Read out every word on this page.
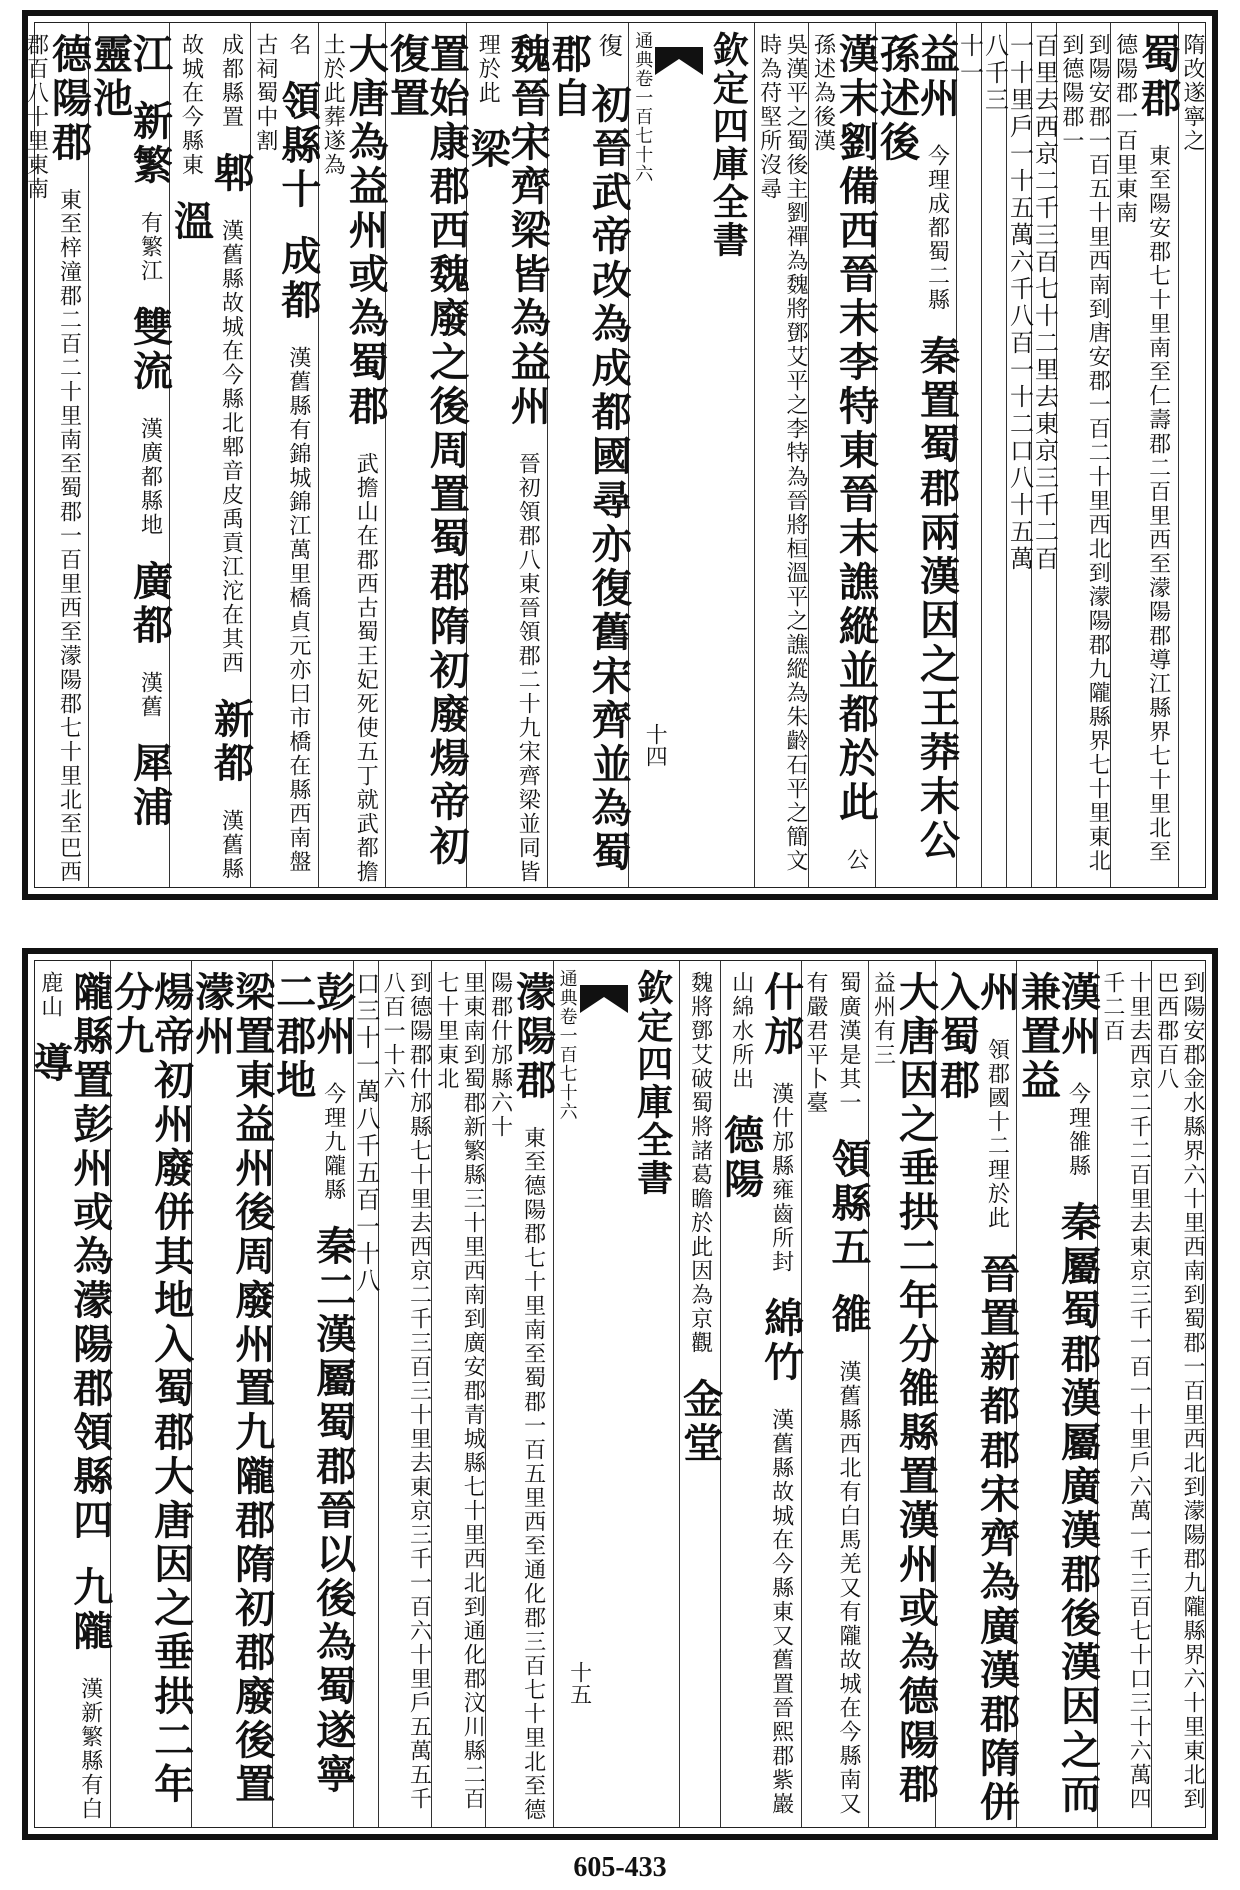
隋改遂寧之
蜀郡 東至陽安郡七十里南至仁壽郡二百里西至濛陽郡導江縣界七十里北至德陽郡一百里東南
到陽安郡一百五十里西南到唐安郡一百二十里西北到濛陽郡九隴縣界七十里東北到德陽郡一
百里去西京二千三百七十二里去東京三千二百
一十里戶一十五萬六千八百一十二口八十五萬
八千三
十一
益州 今理成都蜀二縣 秦置蜀郡兩漢因之王莽末公孫述後
漢末劉備西晉末李特東晉末譙縱並都於此 公孫述為後漢
吳漢平之蜀後主劉禪為魏將鄧艾平之李特為晉將桓溫平之譙縱為朱齡石平之簡文時為苻堅所沒尋
欽定四庫全書
通典卷一百七十六
十四
復 初晉武帝改為成都國尋亦復舊宋齊並為蜀郡自
魏晉宋齊梁皆為益州 晉初領郡八東晉領郡二十九宋齊梁並同皆理於此 梁
置始康郡西魏廢之後周置蜀郡隋初廢煬帝初復置
大唐為益州或為蜀郡 武擔山在郡西古蜀王妃死使五丁就武都擔土於此葬遂為
名 領縣十 成都 漢舊縣有錦城錦江萬里橋貞元亦曰市橋在縣西南盤古祠蜀中割
成都縣置 郫 漢舊縣故城在今縣北郫音皮禹貢江沱在其西 新都 漢舊縣故城在今縣東 溫
江 新繁 有繁江 雙流 漢廣都縣地 廣都 漢舊 犀浦 靈池
德陽郡 東至梓潼郡二百二十里南至蜀郡一百里西至濛陽郡七十里北至巴西郡百八十里東南
到陽安郡金水縣界六十里西南到蜀郡一百里西北到濛陽郡九隴縣界六十里東北到巴西郡百八
十里去西京二千二百里去東京三千一百一十里戶六萬一千三百七十口三十六萬四千二百
漢州 今理雒縣 秦屬蜀郡漢屬廣漢郡後漢因之而兼置益
州 領郡國十二理於此 晉置新都郡宋齊為廣漢郡隋併入蜀郡
大唐因之垂拱二年分雒縣置漢州或為德陽郡 益州有三
蜀廣漢是其一 領縣五 雒 漢舊縣西北有白馬羌又有隴故城在今縣南又有嚴君平卜臺
什邡 漢什邡縣雍齒所封 綿竹 漢舊縣故城在今縣東又舊置晉熙郡紫巖山綿水所出 德陽
魏將鄧艾破蜀將諸葛瞻於此因為京觀 金堂
欽定四庫全書
通典卷一百七十六
十五
濛陽郡 東至德陽郡七十里南至蜀郡一百五里西至通化郡三百七十里北至德陽郡什邡縣六十
里東南到蜀郡新繁縣三十里西南到廣安郡青城縣七十里西北到通化郡汶川縣二百七十里東北
到德陽郡什邡縣七十里去西京二千三百三十里去東京三千一百六十里戶五萬五千八百一十六
口三十一萬八千五百一十八
彭州 今理九隴縣 秦二漢屬蜀郡晉以後為蜀遂寧二郡地
梁置東益州後周廢州置九隴郡隋初郡廢後置濛州
煬帝初州廢併其地入蜀郡大唐因之垂拱二年分九
隴縣置彭州或為濛陽郡領縣四 九隴 漢新繁縣有白鹿山 導
605-433
